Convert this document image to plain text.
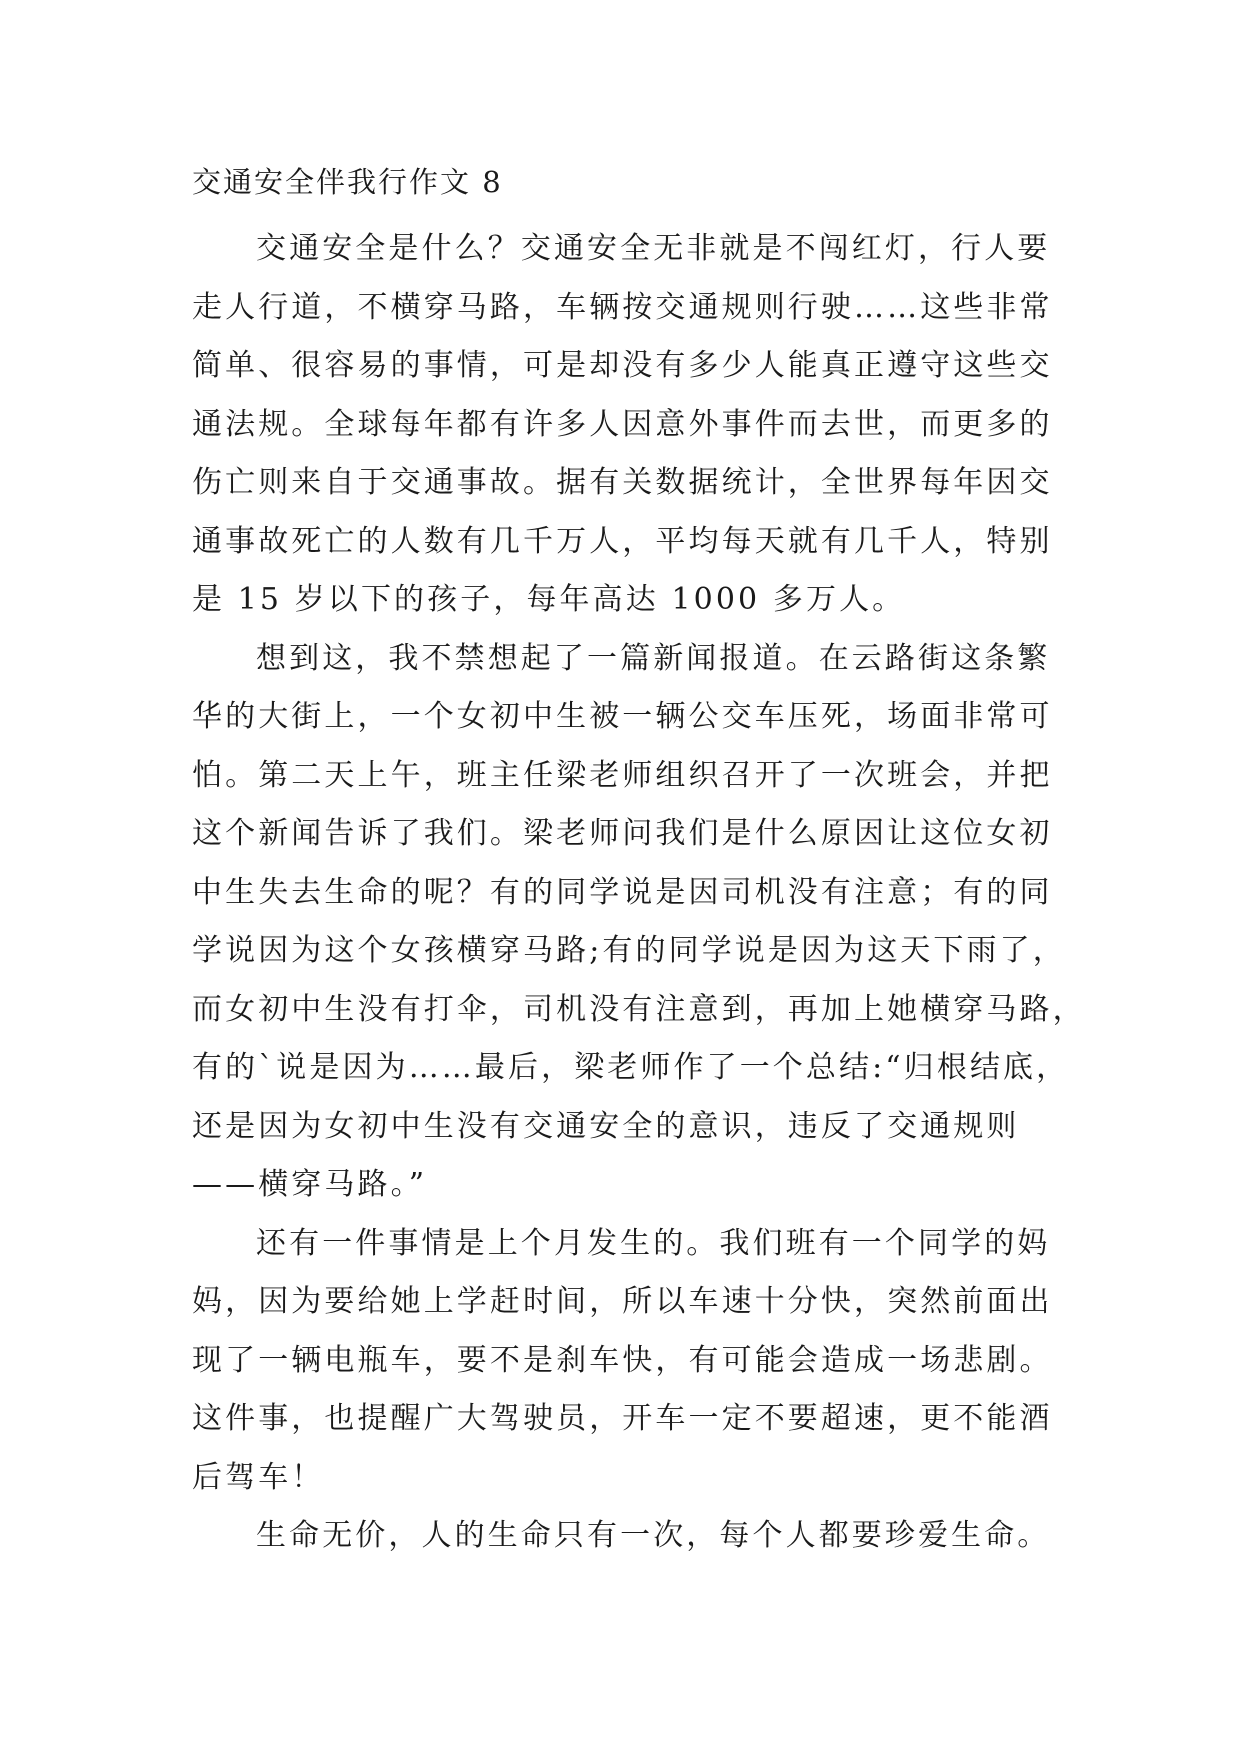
交通安全伴我行作文 8

交通安全是什么？交通安全无非就是不闯红灯，行人要

走人行道，不横穿马路，车辆按交通规则行驶……这些非常

简单、很容易的事情，可是却没有多少人能真正遵守这些交

通法规。全球每年都有许多人因意外事件而去世，而更多的

伤亡则来自于交通事故。据有关数据统计，全世界每年因交

通事故死亡的人数有几千万人，平均每天就有几千人，特别

是 15 岁以下的孩子，每年高达 1000 多万人。

想到这，我不禁想起了一篇新闻报道。在云路街这条繁

华的大街上，一个女初中生被一辆公交车压死，场面非常可

怕。第二天上午，班主任梁老师组织召开了一次班会，并把

这个新闻告诉了我们。梁老师问我们是什么原因让这位女初

中生失去生命的呢？有的同学说是因司机没有注意；有的同

学说因为这个女孩横穿马路;有的同学说是因为这天下雨了，

而女初中生没有打伞，司机没有注意到，再加上她横穿马路，

有的`说是因为……最后，梁老师作了一个总结:“归根结底，

还是因为女初中生没有交通安全的意识，违反了交通规则

——横穿马路。”

还有一件事情是上个月发生的。我们班有一个同学的妈

妈，因为要给她上学赶时间，所以车速十分快，突然前面出

现了一辆电瓶车，要不是刹车快，有可能会造成一场悲剧。

这件事，也提醒广大驾驶员，开车一定不要超速，更不能酒

后驾车！

生命无价，人的生命只有一次，每个人都要珍爱生命。
